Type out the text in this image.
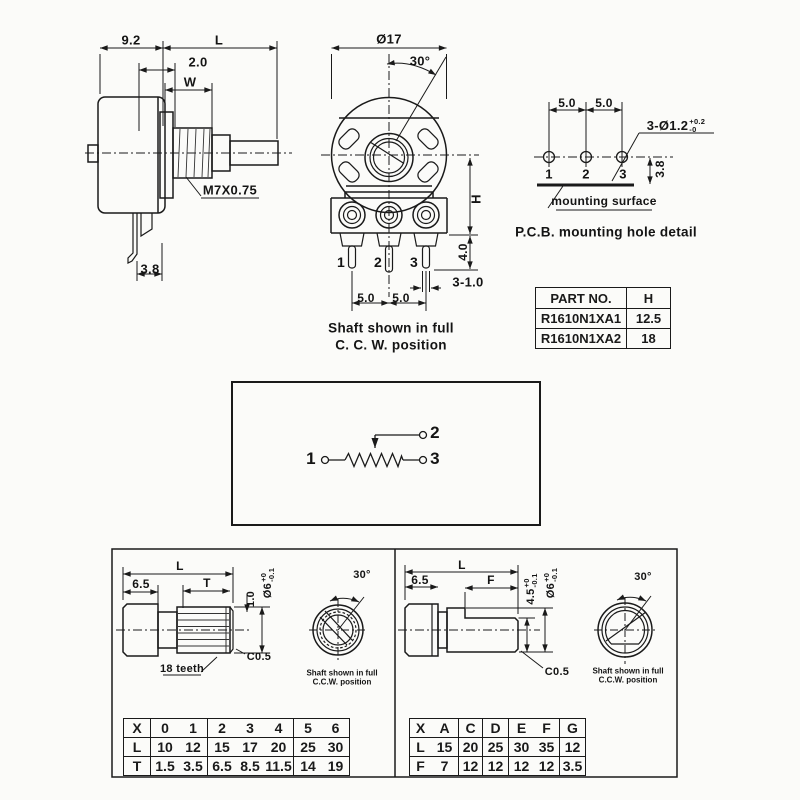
9.2	L
2.0
W
M7X0.75
3.8
Ø17
30°
H
4.0
3-1.0
5.0 5.0
1 2 3
Shaft shown in full
C. C. W. position
5.0 5.0
3-Ø1.2 +0.2
-0
1 2 3 3.8
mounting surface
P.C.B. mounting hole detail
PART NO.	H
R1610N1XA1	12.5
R1610N1XA2	18
1
2
3
L
6.5	T
1.0
Ø6
+0
-0.1
18 teeth
C0.5
30°
Shaft shown in full
C.C.W. position
X	0	1	2	3	4	5	6
L	10	12	15	17	20	25	30
T	1.5	3.5	6.5	8.5	11.5	14	19
L
6.5	F
4.5
+0
-0.1
Ø6
+0
-0.1
C0.5
30°
Shaft shown in full
C.C.W. position
X	A	C	D	E	F	G
L	15	20	25	30	35	12
F	7	12	12	12	12	3.5
